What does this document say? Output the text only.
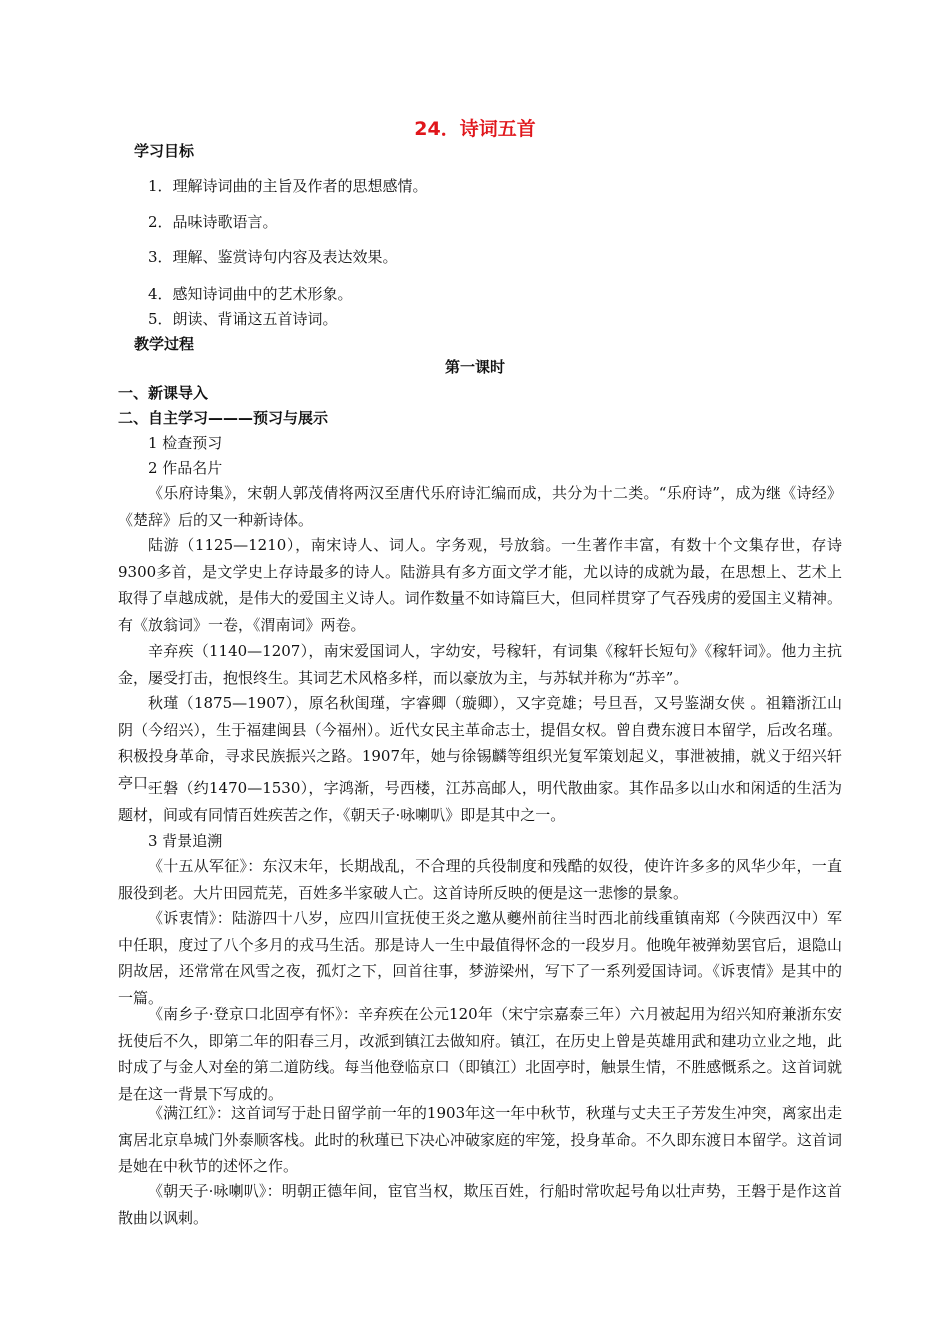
24．诗词五首
学习目标
1．理解诗词曲的主旨及作者的思想感情。
2．品味诗歌语言。
3．理解、鉴赏诗句内容及表达效果。
4．感知诗词曲中的艺术形象。
5．朗读、背诵这五首诗词。
教学过程
第一课时
一、新课导入
二、自主学习———预习与展示
1 检查预习
2 作品名片
《乐府诗集》，宋朝人郭茂倩将两汉至唐代乐府诗汇编而成，共分为十二类。“乐府诗”，成为继《诗经》《楚辞》后的又一种新诗体。
陆游（1125—1210），南宋诗人、词人。字务观，号放翁。一生著作丰富，有数十个文集存世，存诗9300多首，是文学史上存诗最多的诗人。陆游具有多方面文学才能，尤以诗的成就为最，在思想上、艺术上取得了卓越成就，是伟大的爱国主义诗人。词作数量不如诗篇巨大，但同样贯穿了气吞残虏的爱国主义精神。有《放翁词》一卷，《渭南词》两卷。
辛弃疾（1140—1207），南宋爱国词人，字幼安，号稼轩，有词集《稼轩长短句》《稼轩词》。他力主抗金，屡受打击，抱恨终生。其词艺术风格多样，而以豪放为主，与苏轼并称为“苏辛”。
秋瑾（1875—1907），原名秋闺瑾，字睿卿（璇卿），又字竞雄；号旦吾，又号鉴湖女侠 。祖籍浙江山阴（今绍兴），生于福建闽县（今福州）。近代女民主革命志士，提倡女权。曾自费东渡日本留学，后改名瑾。积极投身革命，寻求民族振兴之路。1907年，她与徐锡麟等组织光复军策划起义，事泄被捕，就义于绍兴轩亭口。
王磐（约1470—1530），字鸿渐，号西楼，江苏高邮人，明代散曲家。其作品多以山水和闲适的生活为题材，间或有同情百姓疾苦之作，《朝天子·咏喇叭》即是其中之一。
3 背景追溯
《十五从军征》：东汉末年，长期战乱，不合理的兵役制度和残酷的奴役，使许许多多的风华少年，一直服役到老。大片田园荒芜，百姓多半家破人亡。这首诗所反映的便是这一悲惨的景象。
《诉衷情》：陆游四十八岁，应四川宣抚使王炎之邀从夔州前往当时西北前线重镇南郑（今陕西汉中）军中任职，度过了八个多月的戎马生活。那是诗人一生中最值得怀念的一段岁月。他晚年被弹劾罢官后，退隐山阴故居，还常常在风雪之夜，孤灯之下，回首往事，梦游梁州，写下了一系列爱国诗词。《诉衷情》是其中的一篇。
《南乡子·登京口北固亭有怀》：辛弃疾在公元120年（宋宁宗嘉泰三年）六月被起用为绍兴知府兼浙东安抚使后不久，即第二年的阳春三月，改派到镇江去做知府。镇江，在历史上曾是英雄用武和建功立业之地，此时成了与金人对垒的第二道防线。每当他登临京口（即镇江）北固亭时，触景生情，不胜感慨系之。这首词就是在这一背景下写成的。
《满江红》：这首词写于赴日留学前一年的1903年这一年中秋节，秋瑾与丈夫王子芳发生冲突，离家出走寓居北京阜城门外泰顺客栈。此时的秋瑾已下决心冲破家庭的牢笼，投身革命。不久即东渡日本留学。这首词是她在中秋节的述怀之作。
《朝天子·咏喇叭》：明朝正德年间，宦官当权，欺压百姓，行船时常吹起号角以壮声势，王磐于是作这首散曲以讽刺。
